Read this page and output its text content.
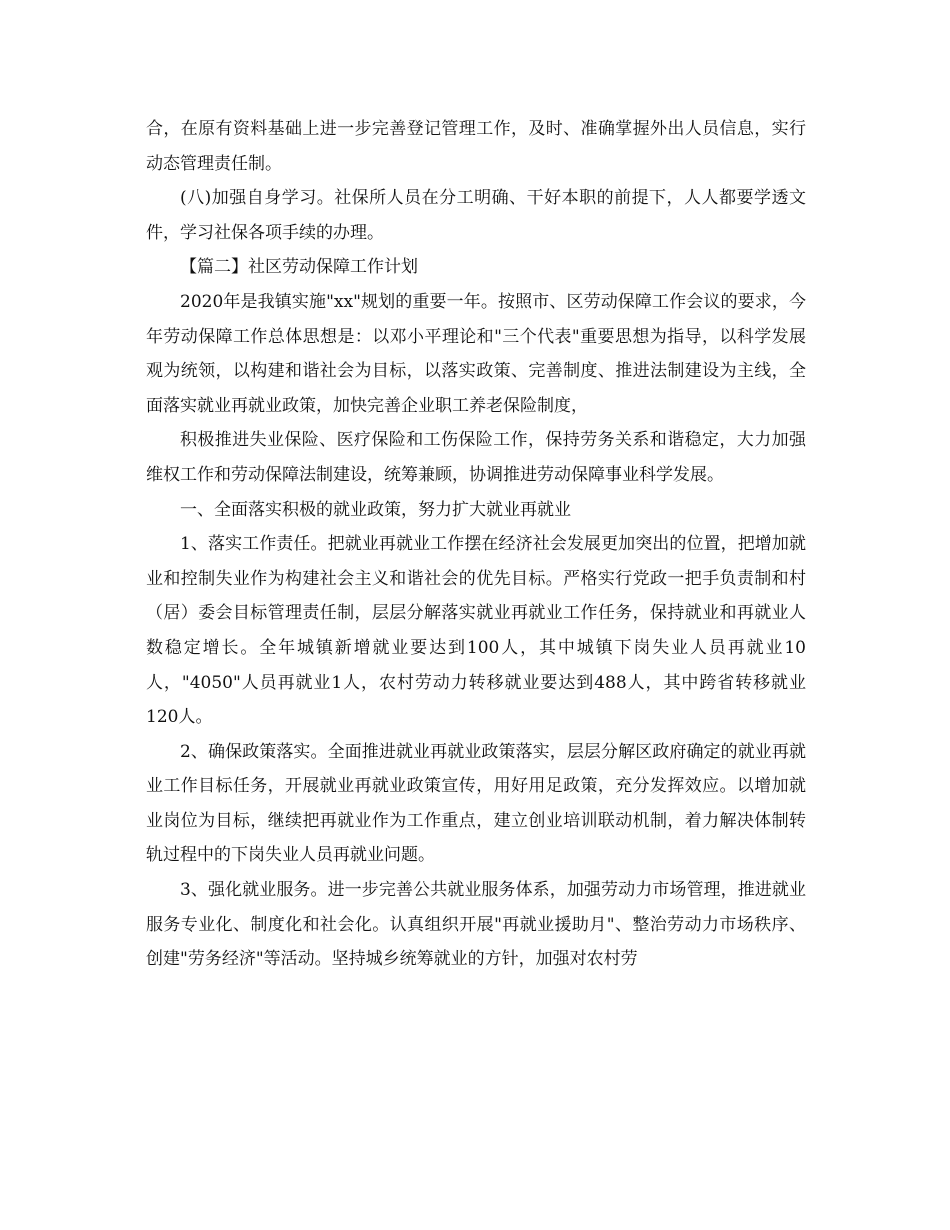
合，在原有资料基础上进一步完善登记管理工作，及时、准确掌握外出人员信息，实行动态管理责任制。

(八)加强自身学习。社保所人员在分工明确、干好本职的前提下，人人都要学透文件，学习社保各项手续的办理。

【篇二】社区劳动保障工作计划

2020年是我镇实施"xx"规划的重要一年。按照市、区劳动保障工作会议的要求，今年劳动保障工作总体思想是：以邓小平理论和"三个代表"重要思想为指导，以科学发展观为统领，以构建和谐社会为目标，以落实政策、完善制度、推进法制建设为主线，全面落实就业再就业政策，加快完善企业职工养老保险制度，

积极推进失业保险、医疗保险和工伤保险工作，保持劳务关系和谐稳定，大力加强维权工作和劳动保障法制建设，统筹兼顾，协调推进劳动保障事业科学发展。

一、全面落实积极的就业政策，努力扩大就业再就业

1、落实工作责任。把就业再就业工作摆在经济社会发展更加突出的位置，把增加就业和控制失业作为构建社会主义和谐社会的优先目标。严格实行党政一把手负责制和村（居）委会目标管理责任制，层层分解落实就业再就业工作任务，保持就业和再就业人数稳定增长。全年城镇新增就业要达到100人，其中城镇下岗失业人员再就业10人，"4050"人员再就业1人，农村劳动力转移就业要达到488人，其中跨省转移就业120人。

2、确保政策落实。全面推进就业再就业政策落实，层层分解区政府确定的就业再就业工作目标任务，开展就业再就业政策宣传，用好用足政策，充分发挥效应。以增加就业岗位为目标，继续把再就业作为工作重点，建立创业培训联动机制，着力解决体制转轨过程中的下岗失业人员再就业问题。

3、强化就业服务。进一步完善公共就业服务体系，加强劳动力市场管理，推进就业服务专业化、制度化和社会化。认真组织开展"再就业援助月"、整治劳动力市场秩序、创建"劳务经济"等活动。坚持城乡统筹就业的方针，加强对农村劳
